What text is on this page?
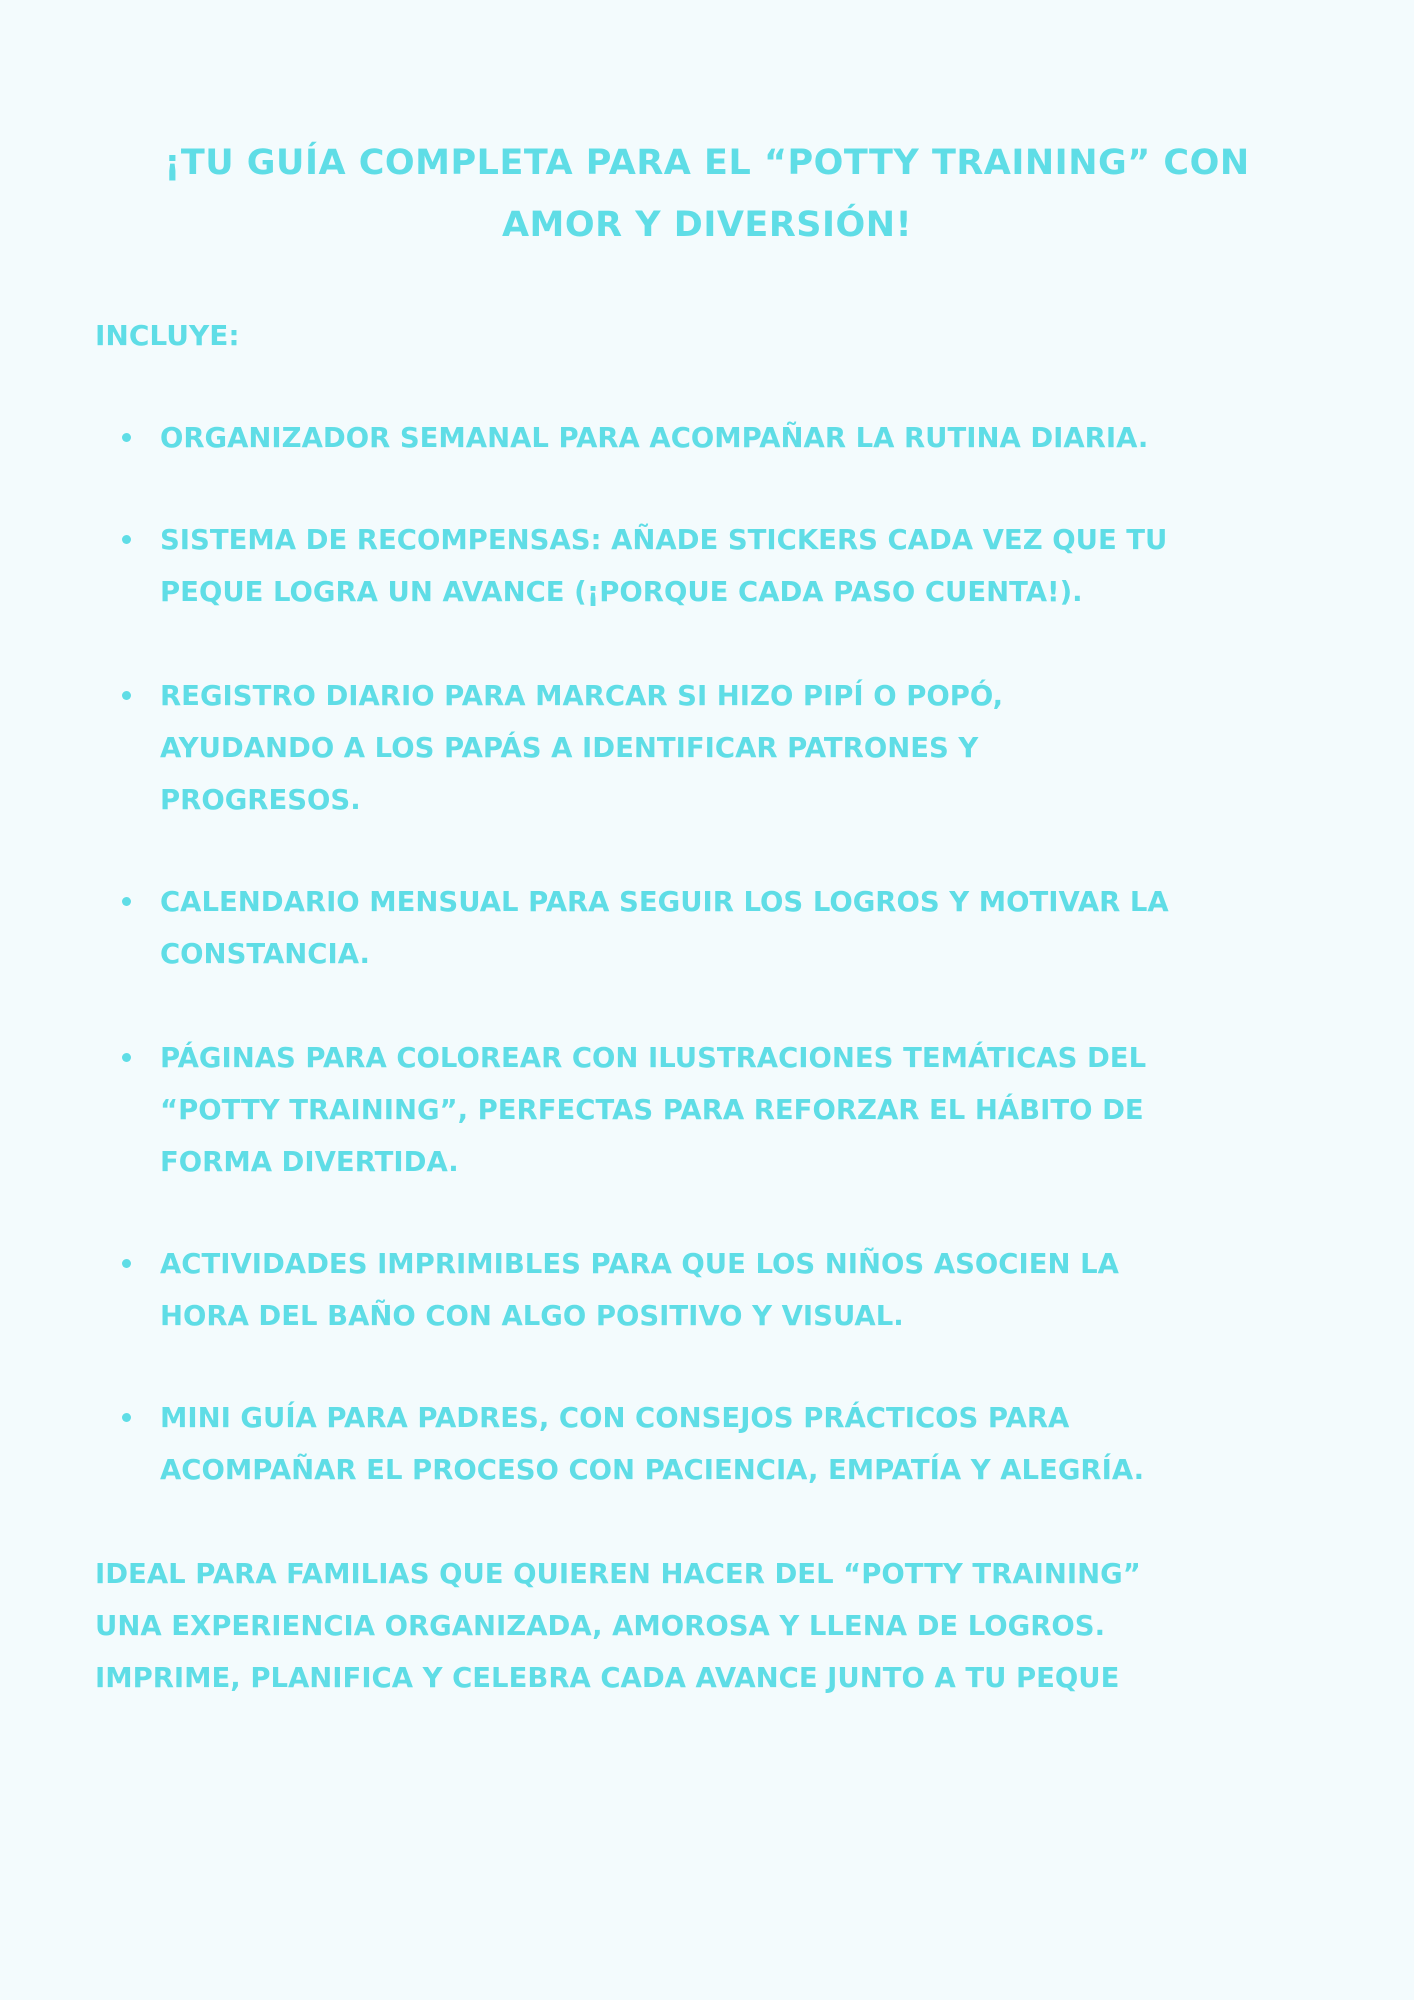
¡TU GUÍA COMPLETA PARA EL “POTTY TRAINING” CON
AMOR Y DIVERSIÓN!
INCLUYE:
ORGANIZADOR SEMANAL PARA ACOMPAÑAR LA RUTINA DIARIA.
SISTEMA DE RECOMPENSAS: AÑADE STICKERS CADA VEZ QUE TU
PEQUE LOGRA UN AVANCE (¡PORQUE CADA PASO CUENTA!).
REGISTRO DIARIO PARA MARCAR SI HIZO PIPÍ O POPÓ,
AYUDANDO A LOS PAPÁS A IDENTIFICAR PATRONES Y
PROGRESOS.
CALENDARIO MENSUAL PARA SEGUIR LOS LOGROS Y MOTIVAR LA
CONSTANCIA.
PÁGINAS PARA COLOREAR CON ILUSTRACIONES TEMÁTICAS DEL
“POTTY TRAINING”, PERFECTAS PARA REFORZAR EL HÁBITO DE
FORMA DIVERTIDA.
ACTIVIDADES IMPRIMIBLES PARA QUE LOS NIÑOS ASOCIEN LA
HORA DEL BAÑO CON ALGO POSITIVO Y VISUAL.
MINI GUÍA PARA PADRES, CON CONSEJOS PRÁCTICOS PARA
ACOMPAÑAR EL PROCESO CON PACIENCIA, EMPATÍA Y ALEGRÍA.
IDEAL PARA FAMILIAS QUE QUIEREN HACER DEL “POTTY TRAINING”
UNA EXPERIENCIA ORGANIZADA, AMOROSA Y LLENA DE LOGROS.
IMPRIME, PLANIFICA Y CELEBRA CADA AVANCE JUNTO A TU PEQUE
